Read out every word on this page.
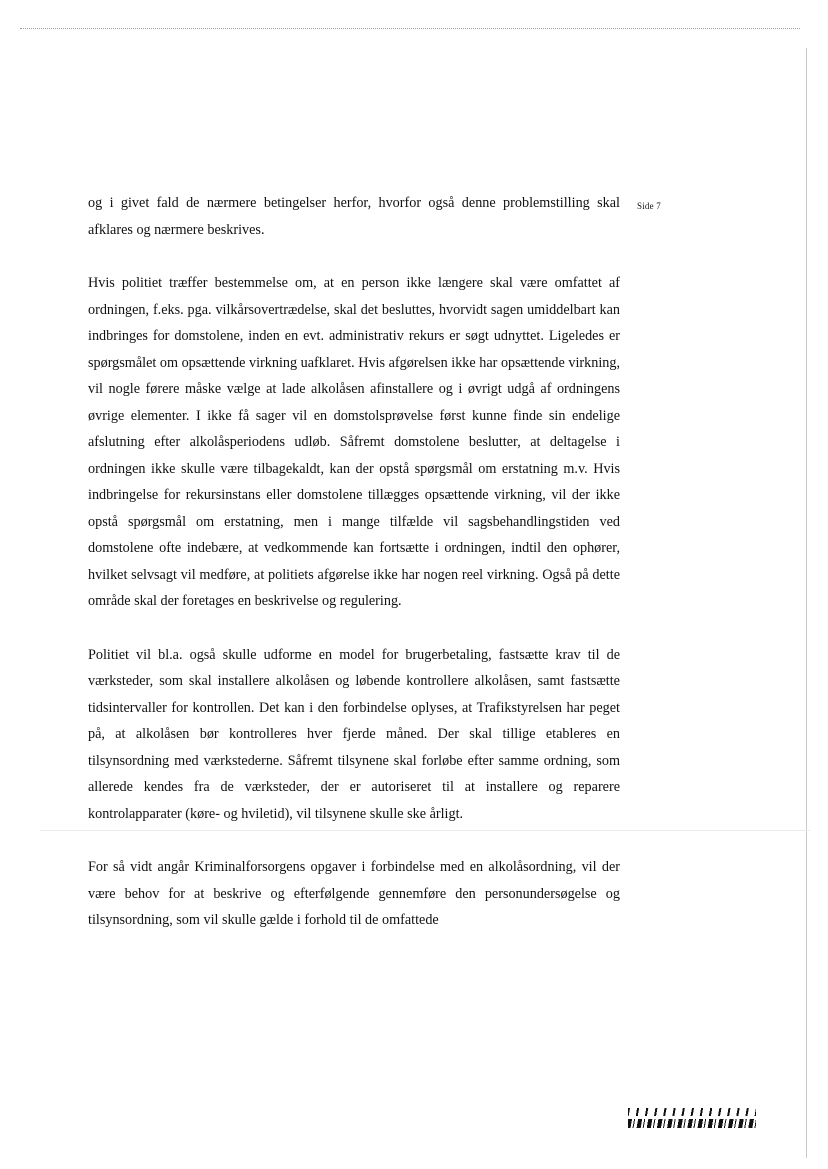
Side 7

og i givet fald de nærmere betingelser herfor, hvorfor også denne problemstilling skal afklares og nærmere beskrives.

Hvis politiet træffer bestemmelse om, at en person ikke længere skal være omfattet af ordningen, f.eks. pga. vilkårsovertrædelse, skal det besluttes, hvorvidt sagen umiddelbart kan indbringes for domstolene, inden en evt. administrativ rekurs er søgt udnyttet. Ligeledes er spørgsmålet om opsættende virkning uafklaret. Hvis afgørelsen ikke har opsættende virkning, vil nogle førere måske vælge at lade alkolåsen afinstallere og i øvrigt udgå af ordningens øvrige elementer. I ikke få sager vil en domstolsprøvelse først kunne finde sin endelige afslutning efter alkolåsperiodens udløb. Såfremt domstolene beslutter, at deltagelse i ordningen ikke skulle være tilbagekaldt, kan der opstå spørgsmål om erstatning m.v. Hvis indbringelse for rekursinstans eller domstolene tillægges opsættende virkning, vil der ikke opstå spørgsmål om erstatning, men i mange tilfælde vil sagsbehandlingstiden ved domstolene ofte indebære, at vedkommende kan fortsætte i ordningen, indtil den ophører, hvilket selvsagt vil medføre, at politiets afgørelse ikke har nogen reel virkning. Også på dette område skal der foretages en beskrivelse og regulering.

Politiet vil bl.a. også skulle udforme en model for brugerbetaling, fastsætte krav til de værksteder, som skal installere alkolåsen og løbende kontrollere alkolåsen, samt fastsætte tidsintervaller for kontrollen. Det kan i den forbindelse oplyses, at Trafikstyrelsen har peget på, at alkolåsen bør kontrolleres hver fjerde måned. Der skal tillige etableres en tilsynsordning med værkstederne. Såfremt tilsynene skal forløbe efter samme ordning, som allerede kendes fra de værksteder, der er autoriseret til at installere og reparere kontrolapparater (køre- og hviletid), vil tilsynene skulle ske årligt.

For så vidt angår Kriminalforsorgens opgaver i forbindelse med en alkolåsordning, vil der være behov for at beskrive og efterfølgende gennemføre den personundersøgelse og tilsynsordning, som vil skulle gælde i forhold til de omfattede
